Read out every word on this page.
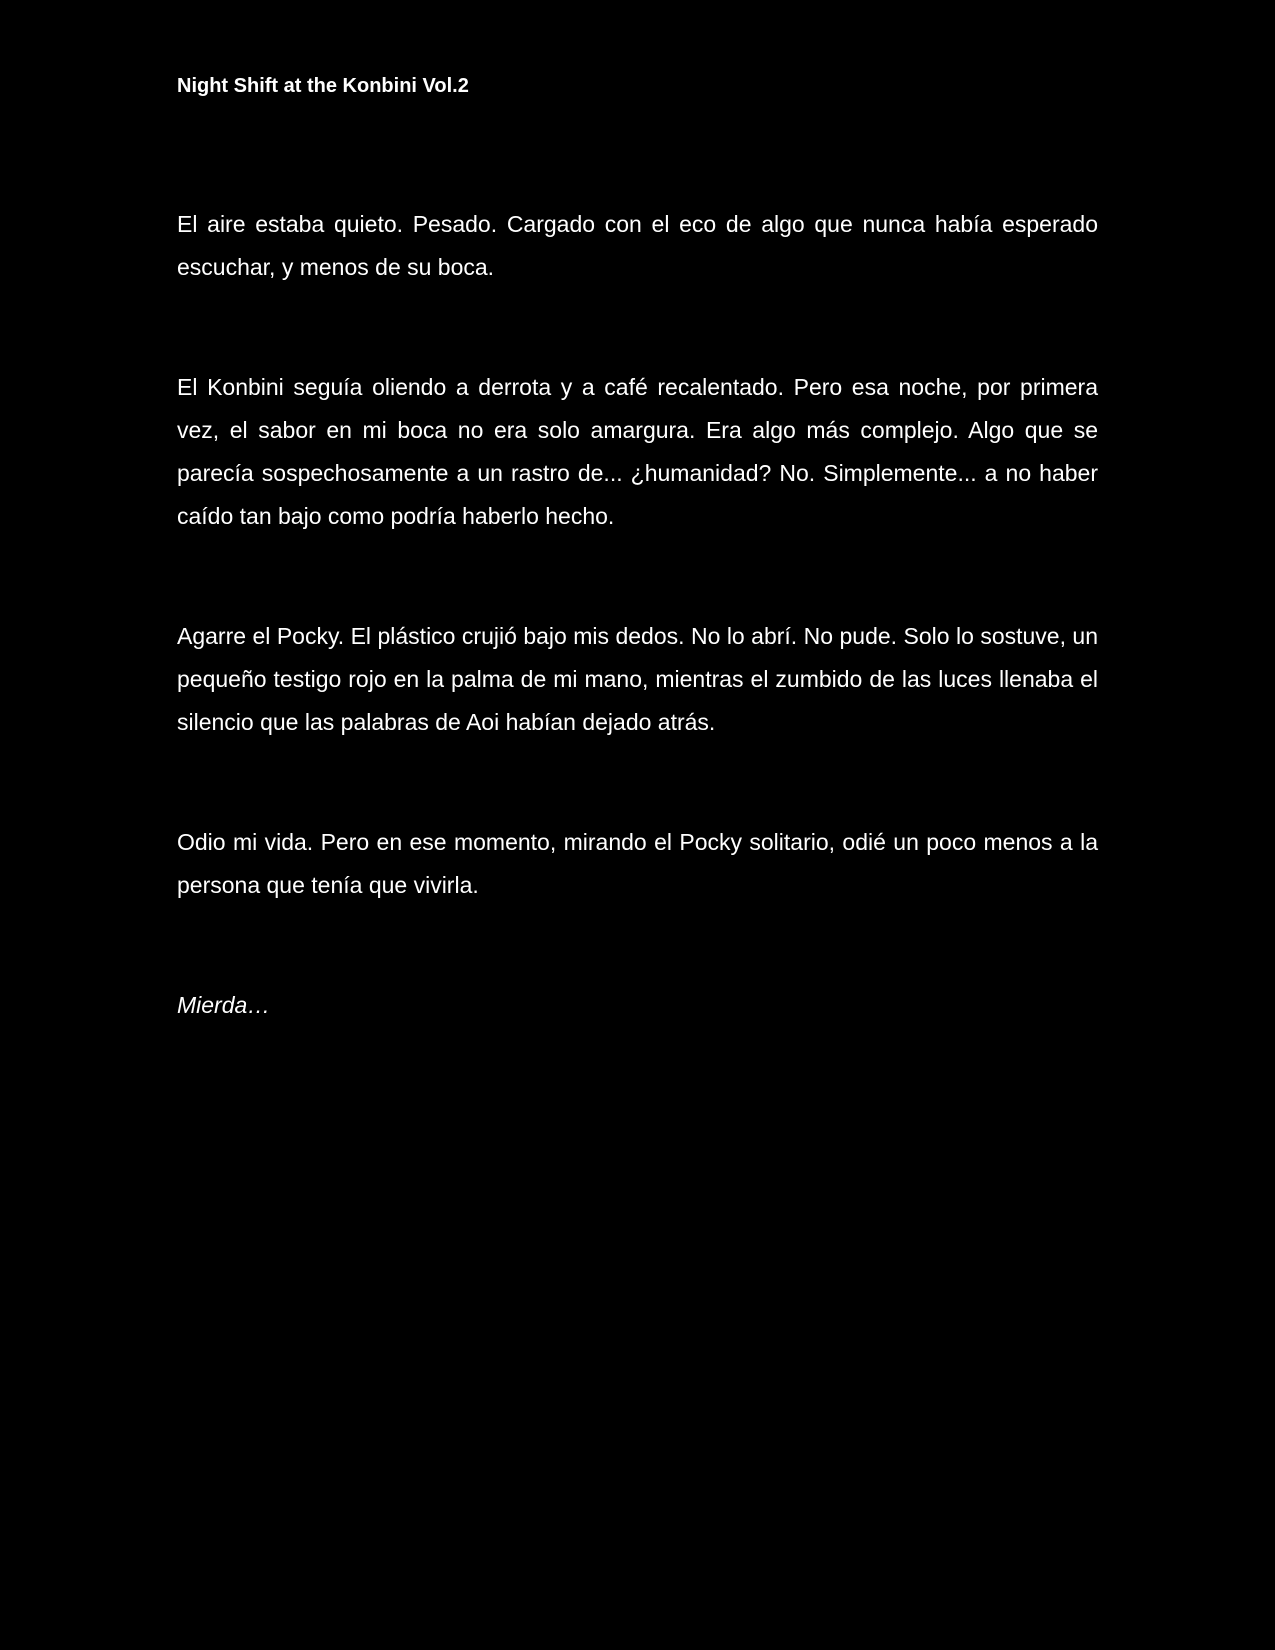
Night Shift at the Konbini Vol.2

El aire estaba quieto. Pesado. Cargado con el eco de algo que nunca había esperado escuchar, y menos de su boca.

El Konbini seguía oliendo a derrota y a café recalentado. Pero esa noche, por primera vez, el sabor en mi boca no era solo amargura. Era algo más complejo. Algo que se parecía sospechosamente a un rastro de... ¿humanidad? No. Simplemente... a no haber caído tan bajo como podría haberlo hecho.

Agarre el Pocky. El plástico crujió bajo mis dedos. No lo abrí. No pude. Solo lo sostuve, un pequeño testigo rojo en la palma de mi mano, mientras el zumbido de las luces llenaba el silencio que las palabras de Aoi habían dejado atrás.

Odio mi vida. Pero en ese momento, mirando el Pocky solitario, odié un poco menos a la persona que tenía que vivirla.

Mierda…
